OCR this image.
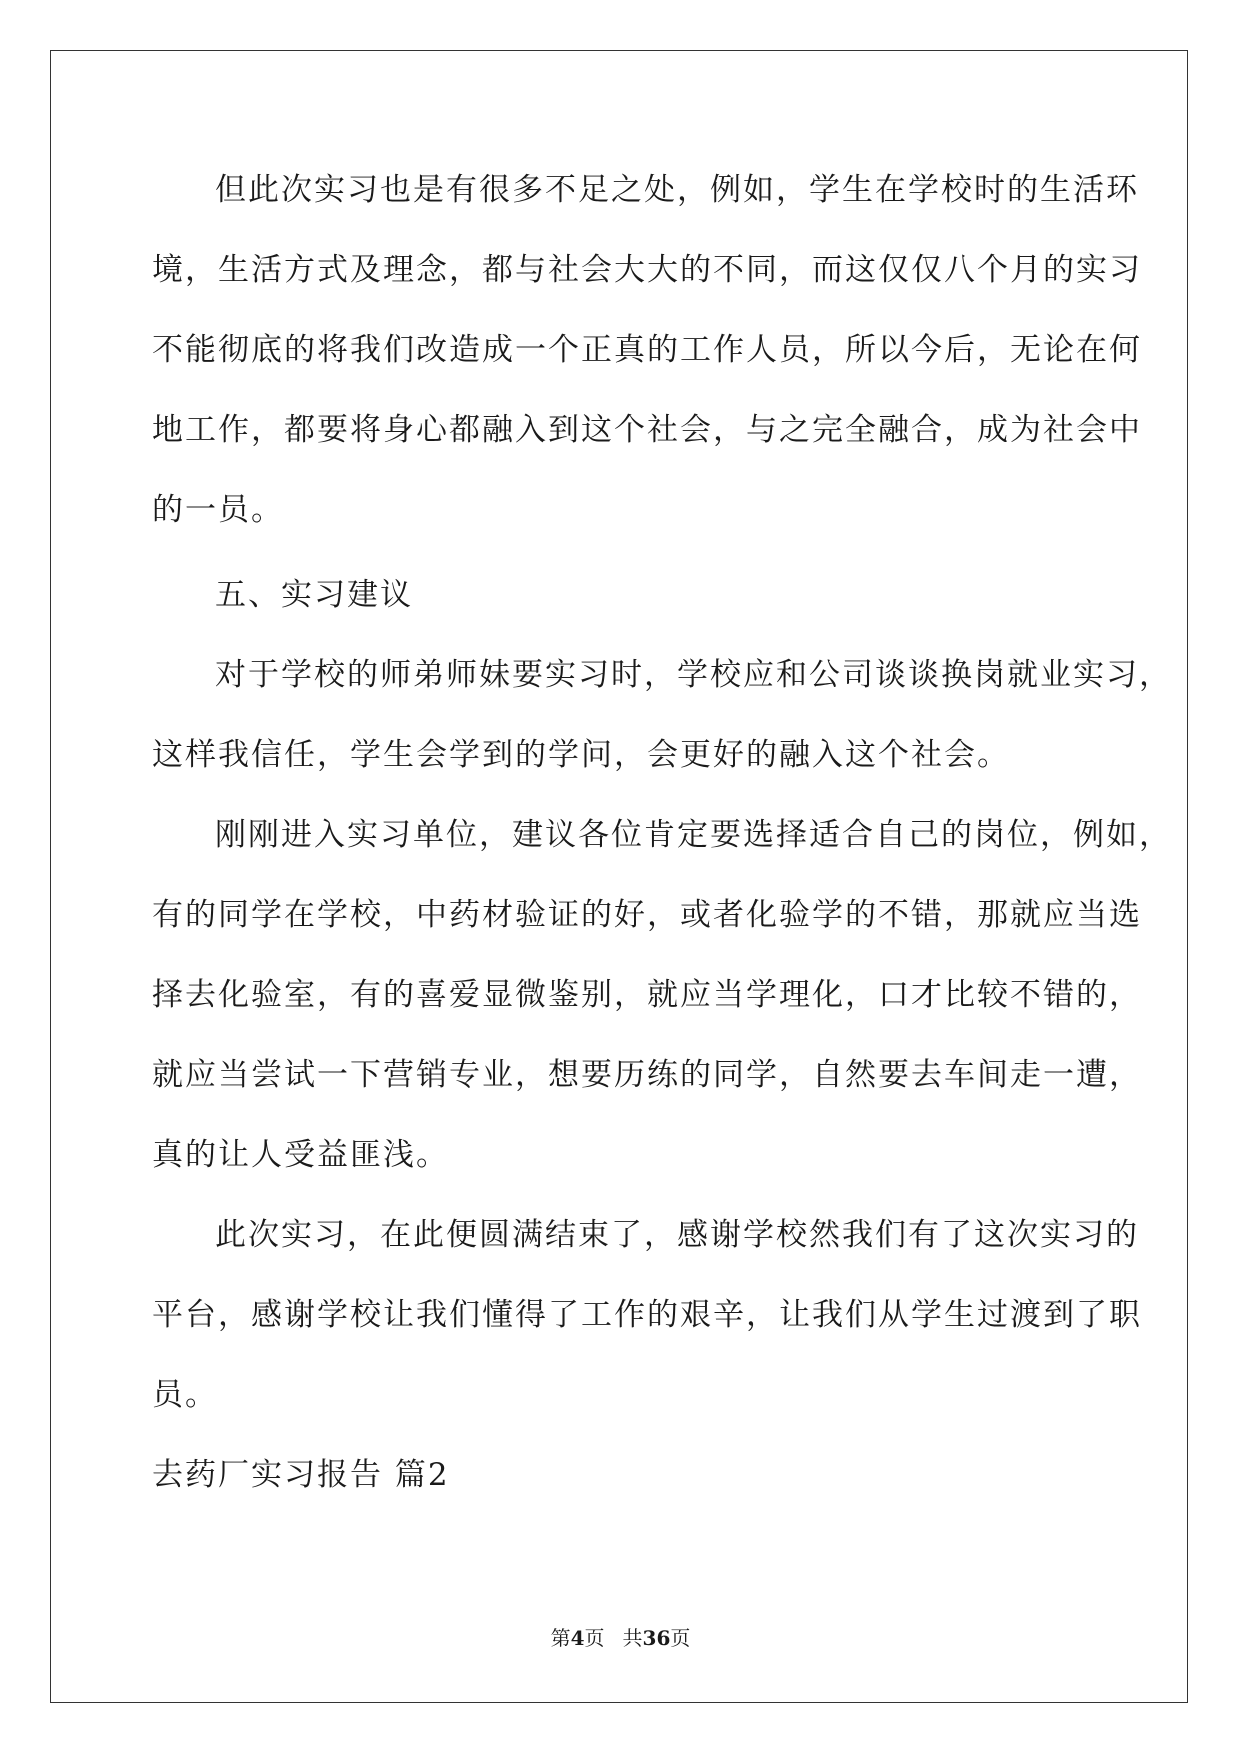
但此次实习也是有很多不足之处，例如，学生在学校时的生活环
境，生活方式及理念，都与社会大大的不同，而这仅仅八个月的实习
不能彻底的将我们改造成一个正真的工作人员，所以今后，无论在何
地工作，都要将身心都融入到这个社会，与之完全融合，成为社会中
的一员。
五、实习建议
对于学校的师弟师妹要实习时，学校应和公司谈谈换岗就业实习，
这样我信任，学生会学到的学问，会更好的融入这个社会。
刚刚进入实习单位，建议各位肯定要选择适合自己的岗位，例如，
有的同学在学校，中药材验证的好，或者化验学的不错，那就应当选
择去化验室，有的喜爱显微鉴别，就应当学理化，口才比较不错的，
就应当尝试一下营销专业，想要历练的同学，自然要去车间走一遭，
真的让人受益匪浅。
此次实习，在此便圆满结束了，感谢学校然我们有了这次实习的
平台，感谢学校让我们懂得了工作的艰辛，让我们从学生过渡到了职
员。
去药厂实习报告 篇2
第4页 共36页
